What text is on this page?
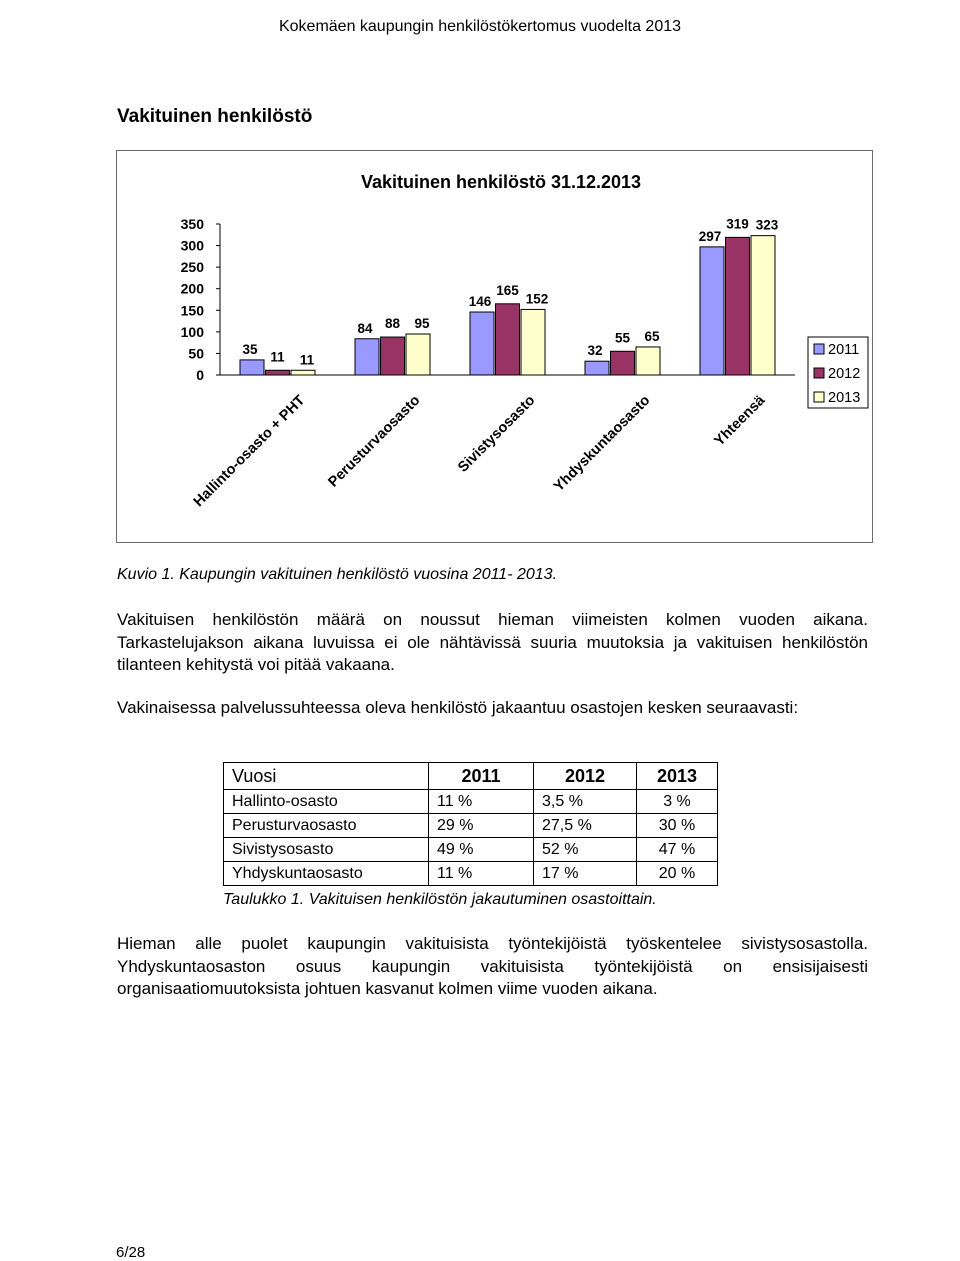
Kokemäen kaupungin henkilöstökertomus vuodelta 2013
Vakituinen henkilöstö
Vakituinen henkilöstö 31.12.2013
0
50
100
150
200
250
300
350
35 11 11
Hallinto-osasto + PHT
84 88 95
Perusturvaosasto
146
165
152
Sivistysosasto
32
55 65
Yhdyskuntaosasto
297
319 323
Yhteensä
2011
2012
2013
Kuvio 1. Kaupungin vakituinen henkilöstö vuosina 2011- 2013.
Vakituisen henkilöstön määrä on noussut hieman viimeisten kolmen vuoden aikana. Tarkastelujakson aikana luvuissa ei ole nähtävissä suuria muutoksia ja vakituisen henkilöstön tilanteen kehitystä voi pitää vakaana.
Vakinaisessa palvelussuhteessa oleva henkilöstö jakaantuu osastojen kesken seuraavasti:
Vuosi	2011	2012	2013
Hallinto-osasto	11 %	3,5 %	3 %
Perusturvaosasto	29 %	27,5 %	30 %
Sivistysosasto	49 %	52 %	47 %
Yhdyskuntaosasto	11 %	17 %	20 %
Taulukko 1. Vakituisen henkilöstön jakautuminen osastoittain.
Hieman alle puolet kaupungin vakituisista työntekijöistä työskentelee sivistysosastolla. Yhdyskuntaosaston osuus kaupungin vakituisista työntekijöistä on ensisijaisesti organisaatiomuutoksista johtuen kasvanut kolmen viime vuoden aikana.
6/28
